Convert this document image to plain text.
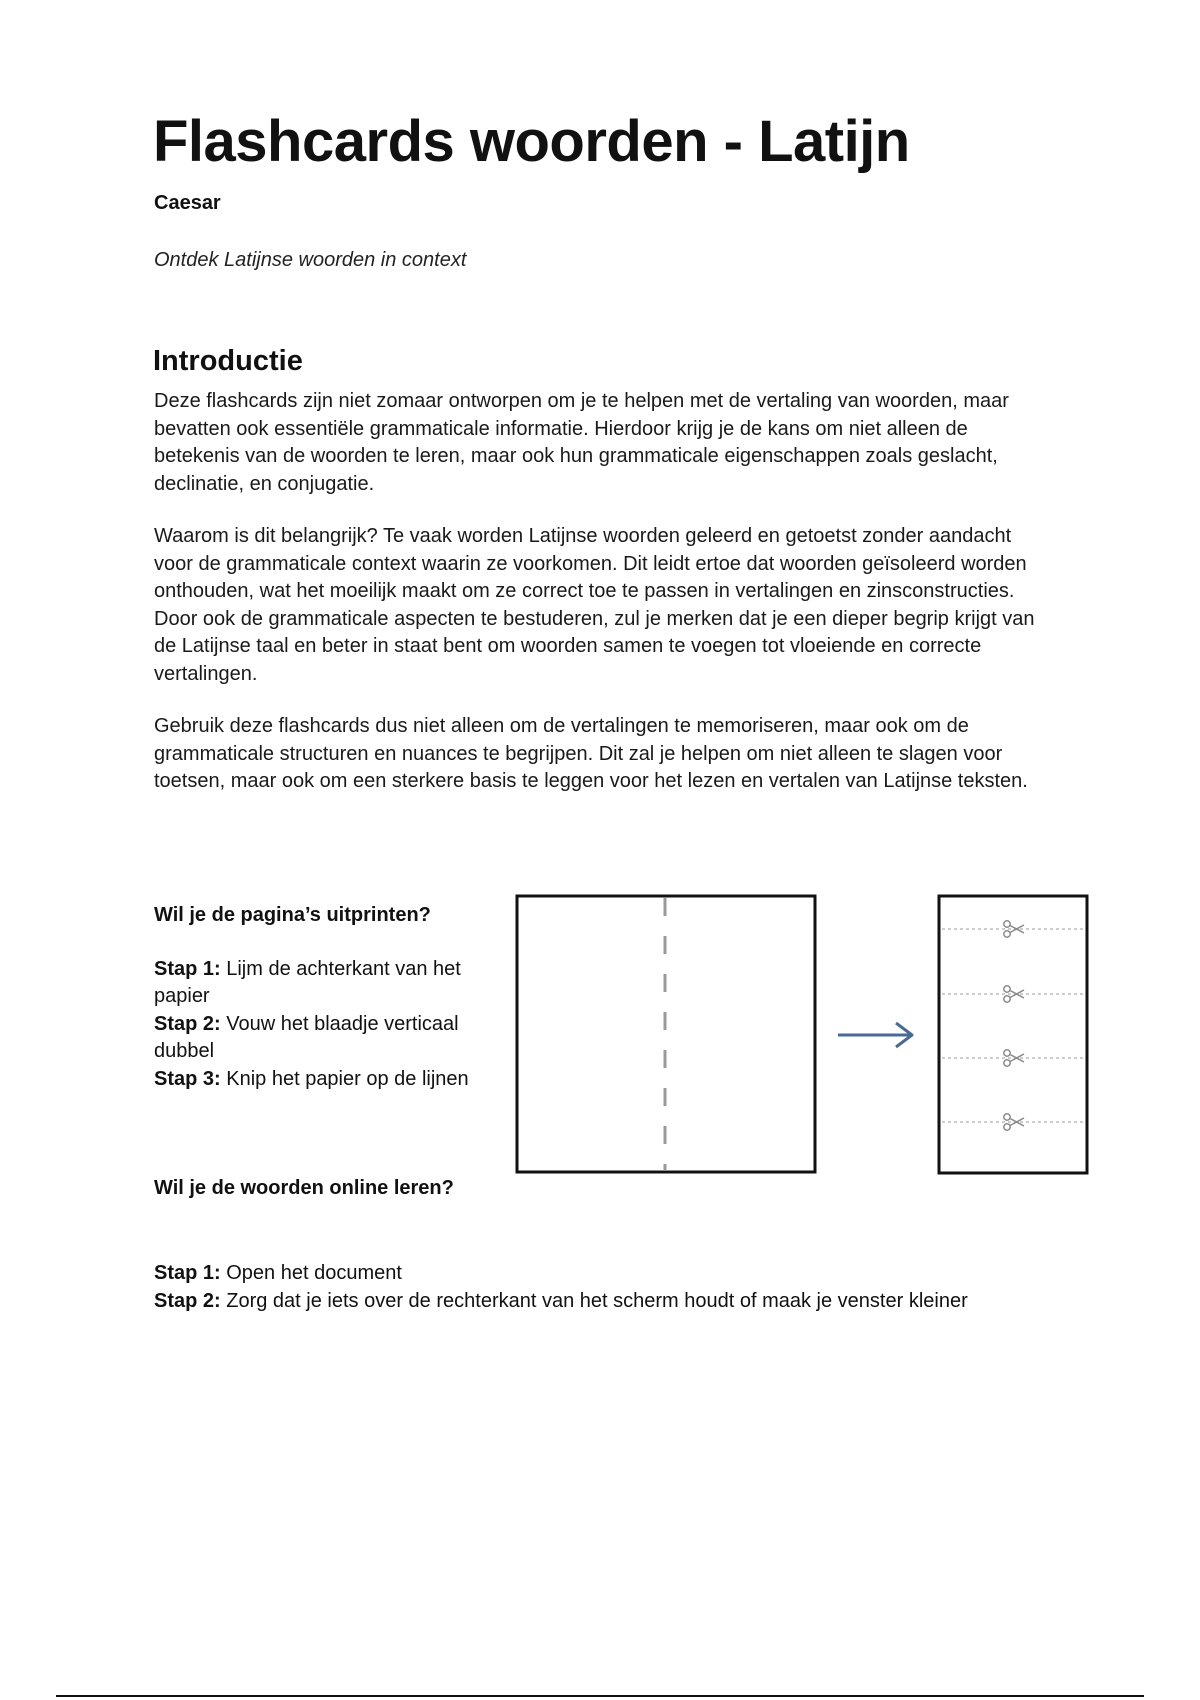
Flashcards woorden - Latijn
Caesar
Ontdek Latijnse woorden in context
Introductie

Deze flashcards zijn niet zomaar ontworpen om je te helpen met de vertaling van woorden, maar bevatten ook essentiële grammaticale informatie. Hierdoor krijg je de kans om niet alleen de betekenis van de woorden te leren, maar ook hun grammaticale eigenschappen zoals geslacht, declinatie, en conjugatie.

Waarom is dit belangrijk? Te vaak worden Latijnse woorden geleerd en getoetst zonder aandacht voor de grammaticale context waarin ze voorkomen. Dit leidt ertoe dat woorden geïsoleerd worden onthouden, wat het moeilijk maakt om ze correct toe te passen in vertalingen en zinsconstructies. Door ook de grammaticale aspecten te bestuderen, zul je merken dat je een dieper begrip krijgt van de Latijnse taal en beter in staat bent om woorden samen te voegen tot vloeiende en correcte vertalingen.

Gebruik deze flashcards dus niet alleen om de vertalingen te memoriseren, maar ook om de grammaticale structuren en nuances te begrijpen. Dit zal je helpen om niet alleen te slagen voor toetsen, maar ook om een sterkere basis te leggen voor het lezen en vertalen van Latijnse teksten.

Wil je de pagina’s uitprinten?

Stap 1: Lijm de achterkant van het papier

Stap 2: Vouw het blaadje verticaal dubbel

Stap 3: Knip het papier op de lijnen

Wil je de woorden online leren?

Stap 1: Open het document

Stap 2: Zorg dat je iets over de rechterkant van het scherm houdt of maak je venster kleiner
